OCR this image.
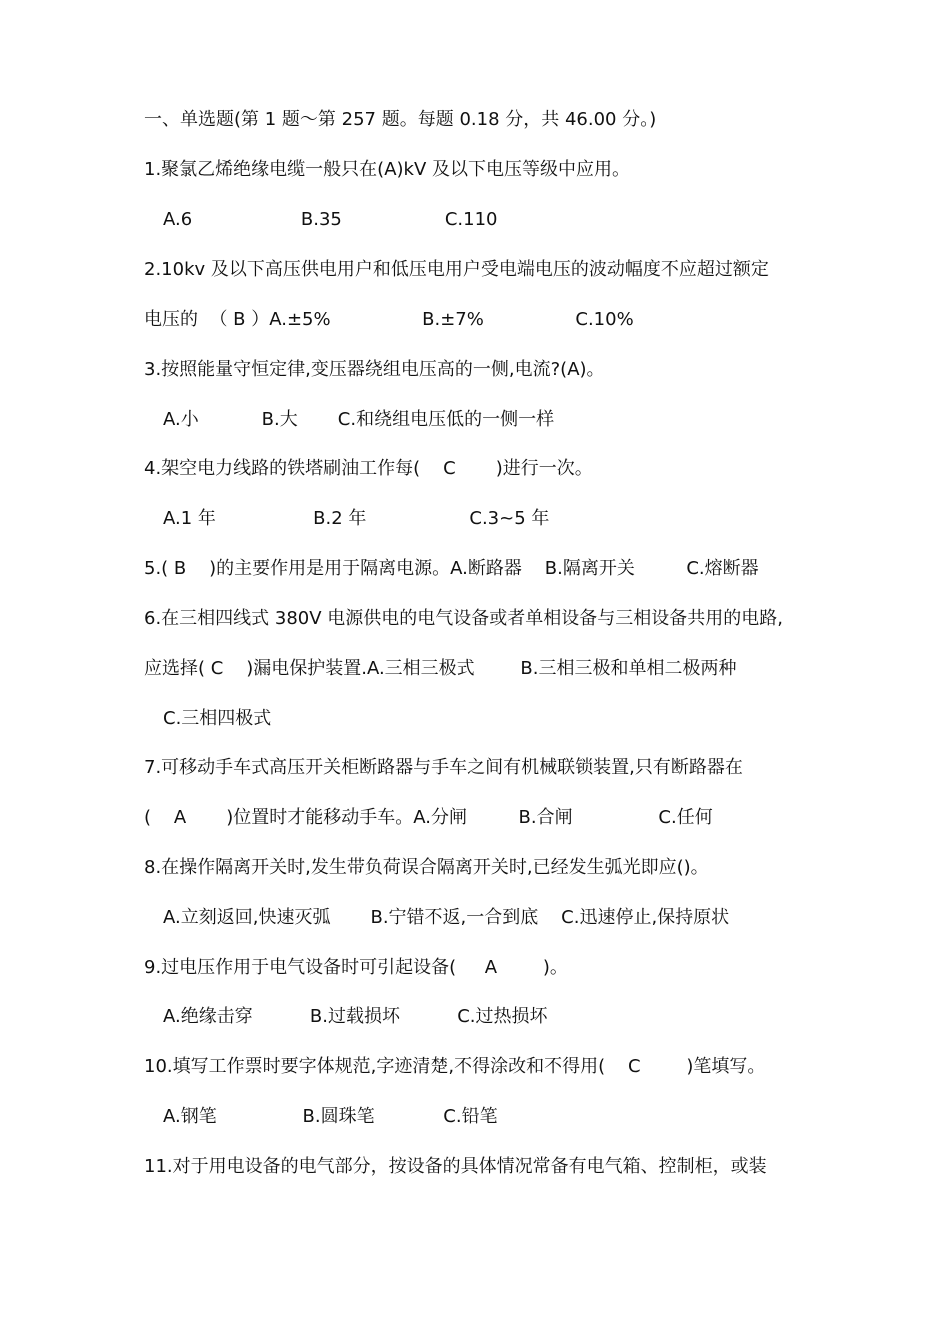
一、单选题(第 1 题～第 257 题。每题 0.18 分，共 46.00 分。)
1.聚氯乙烯绝缘电缆一般只在(A)kV 及以下电压等级中应用。
A.6                   B.35                  C.110
2.10kv 及以下高压供电用户和低压电用户受电端电压的波动幅度不应超过额定
电压的  （ B ）A.±5%                B.±7%                C.10%
3.按照能量守恒定律,变压器绕组电压高的一侧,电流?(A)。
A.小           B.大       C.和绕组电压低的一侧一样
4.架空电力线路的铁塔刷油工作每(    C       )进行一次。
A.1 年                 B.2 年                  C.3~5 年
5.( B    )的主要作用是用于隔离电源。A.断路器    B.隔离开关         C.熔断器
6.在三相四线式 380V 电源供电的电气设备或者单相设备与三相设备共用的电路,
应选择( C    )漏电保护装置.A.三相三极式        B.三相三极和单相二极两种
C.三相四极式
7.可移动手车式高压开关柜断路器与手车之间有机械联锁装置,只有断路器在
(    A       )位置时才能移动手车。A.分闸         B.合闸               C.任何
8.在操作隔离开关时,发生带负荷误合隔离开关时,已经发生弧光即应()。
A.立刻返回,快速灭弧       B.宁错不返,一合到底    C.迅速停止,保持原状
9.过电压作用于电气设备时可引起设备(     A        )。
A.绝缘击穿          B.过载损坏          C.过热损坏
10.填写工作票时要字体规范,字迹清楚,不得涂改和不得用(    C        )笔填写。
A.钢笔               B.圆珠笔            C.铅笔
11.对于用电设备的电气部分，按设备的具体情况常备有电气箱、控制柜，或装
